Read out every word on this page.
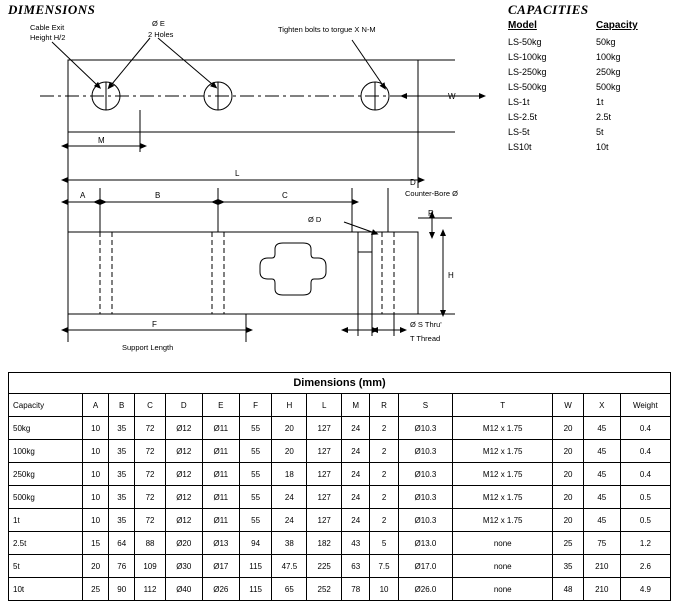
DIMENSIONS	CAPACITIES
Model	Capacity
LS-50kg	50kg
LS-100kg	100kg
LS-250kg	250kg
LS-500kg	500kg
LS-1t	1t
LS-2.5t	2.5t
LS-5t	5t
LS10t	10t
Cable Exit
Height H/2
Ø E
2 Holes
Tighten bolts to torgue X N-M
W
M
L
A	B	C
D
Counter-Bore Ø
Ø D
R
H
F
Support Length
Ø S Thru'
T Thread
Dimensions (mm)															
Capacity	A	B	C	D	E	F	H	L	M	R	S	T	W	X	Weight
50kg	10	35	72	Ø12	Ø11	55	20	127	24	2	Ø10.3	M12 x 1.75	20	45	0.4
100kg	10	35	72	Ø12	Ø11	55	20	127	24	2	Ø10.3	M12 x 1.75	20	45	0.4
250kg	10	35	72	Ø12	Ø11	55	18	127	24	2	Ø10.3	M12 x 1.75	20	45	0.4
500kg	10	35	72	Ø12	Ø11	55	24	127	24	2	Ø10.3	M12 x 1.75	20	45	0.5
1t	10	35	72	Ø12	Ø11	55	24	127	24	2	Ø10.3	M12 x 1.75	20	45	0.5
2.5t	15	64	88	Ø20	Ø13	94	38	182	43	5	Ø13.0	none	25	75	1.2
5t	20	76	109	Ø30	Ø17	115	47.5	225	63	7.5	Ø17.0	none	35	210	2.6
10t	25	90	112	Ø40	Ø26	115	65	252	78	10	Ø26.0	none	48	210	4.9
